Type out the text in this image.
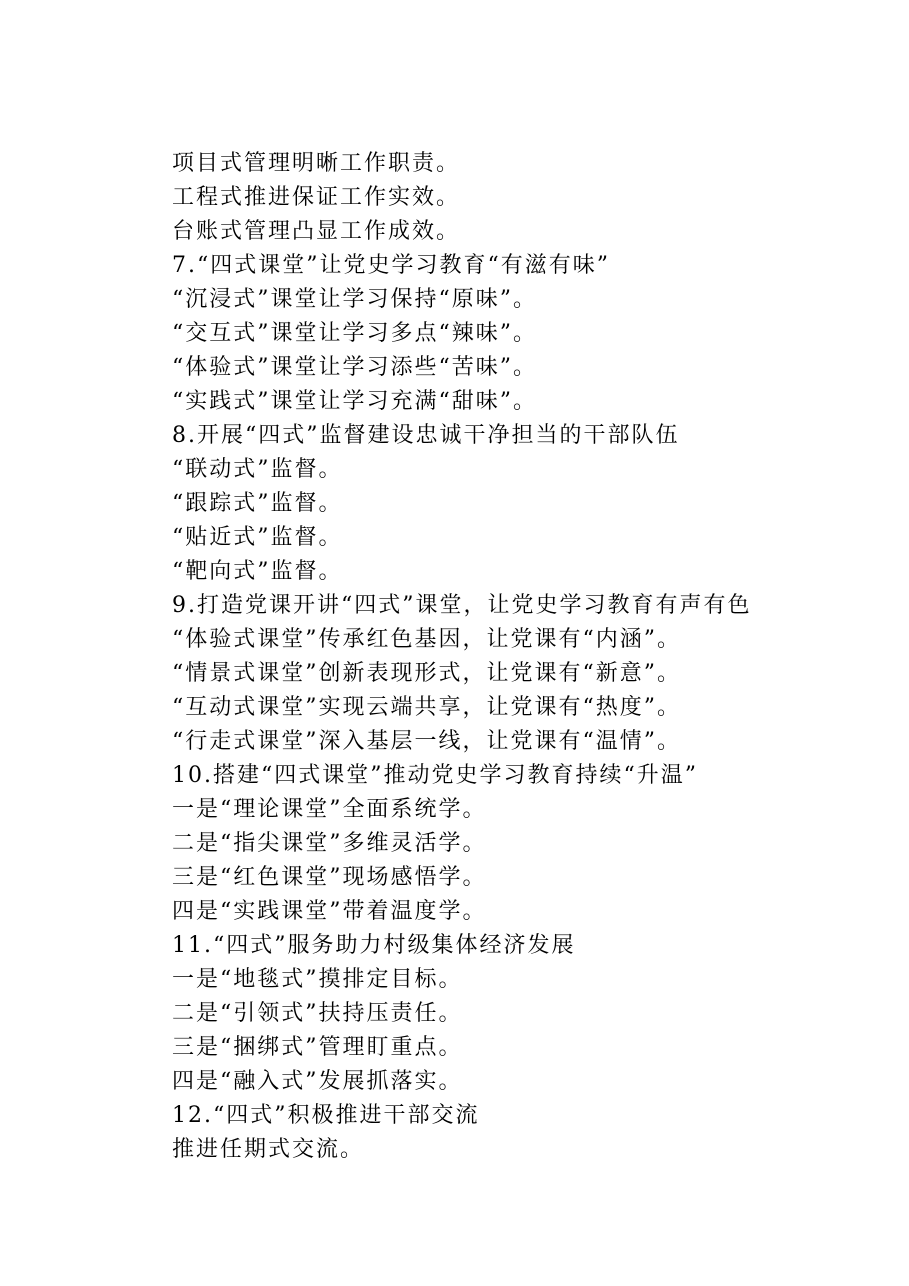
项目式管理明晰工作职责。
工程式推进保证工作实效。
台账式管理凸显工作成效。
7.“四式课堂”让党史学习教育“有滋有味”
“沉浸式”课堂让学习保持“原味”。
“交互式”课堂让学习多点“辣味”。
“体验式”课堂让学习添些“苦味”。
“实践式”课堂让学习充满“甜味”。
8.开展“四式”监督建设忠诚干净担当的干部队伍
“联动式”监督。
“跟踪式”监督。
“贴近式”监督。
“靶向式”监督。
9.打造党课开讲“四式”课堂，让党史学习教育有声有色
“体验式课堂”传承红色基因，让党课有“内涵”。
“情景式课堂”创新表现形式，让党课有“新意”。
“互动式课堂”实现云端共享，让党课有“热度”。
“行走式课堂”深入基层一线，让党课有“温情”。
10.搭建“四式课堂”推动党史学习教育持续“升温”
一是“理论课堂”全面系统学。
二是“指尖课堂”多维灵活学。
三是“红色课堂”现场感悟学。
四是“实践课堂”带着温度学。
11.“四式”服务助力村级集体经济发展
一是“地毯式”摸排定目标。
二是“引领式”扶持压责任。
三是“捆绑式”管理盯重点。
四是“融入式”发展抓落实。
12.“四式”积极推进干部交流
推进任期式交流。
